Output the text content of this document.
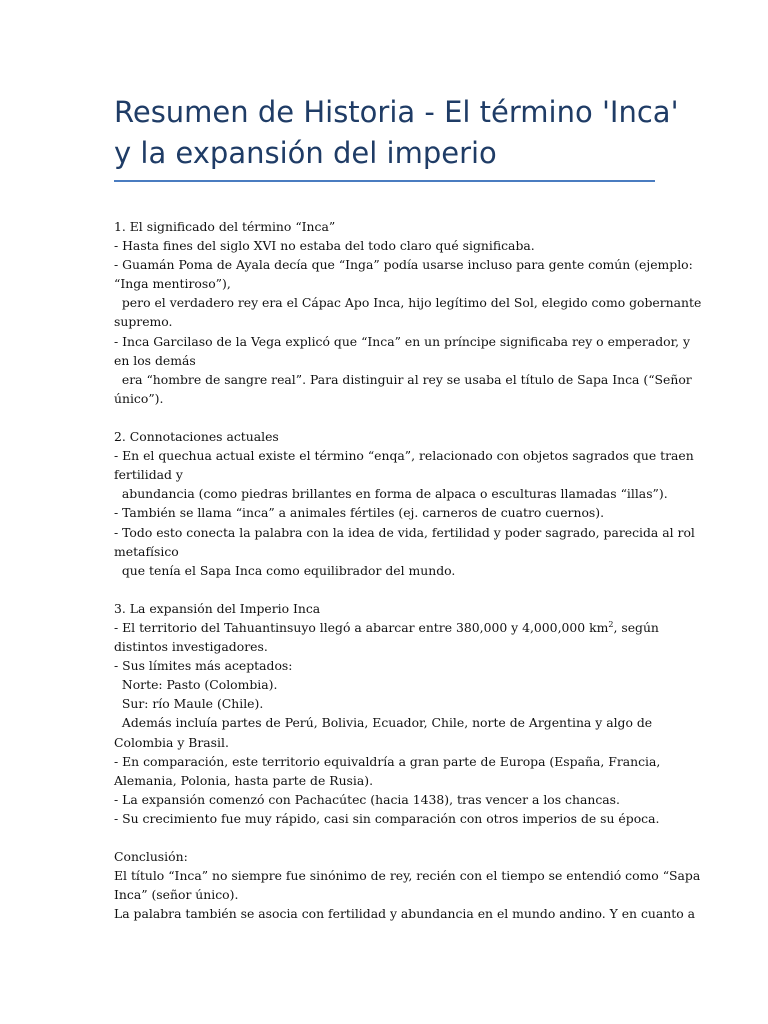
Resumen de Historia - El término 'Inca'
y la expansión del imperio
1. El significado del término “Inca”
- Hasta fines del siglo XVI no estaba del todo claro qué significaba.
- Guamán Poma de Ayala decía que “Inga” podía usarse incluso para gente común (ejemplo:
“Inga mentiroso”),
pero el verdadero rey era el Cápac Apo Inca, hijo legítimo del Sol, elegido como gobernante
supremo.
- Inca Garcilaso de la Vega explicó que “Inca” en un príncipe significaba rey o emperador, y
en los demás
era “hombre de sangre real”. Para distinguir al rey se usaba el título de Sapa Inca (“Señor
único”).
2. Connotaciones actuales
- En el quechua actual existe el término “enqa”, relacionado con objetos sagrados que traen
fertilidad y
abundancia (como piedras brillantes en forma de alpaca o esculturas llamadas “illas”).
- También se llama “inca” a animales fértiles (ej. carneros de cuatro cuernos).
- Todo esto conecta la palabra con la idea de vida, fertilidad y poder sagrado, parecida al rol
metafísico
que tenía el Sapa Inca como equilibrador del mundo.
3. La expansión del Imperio Inca
- El territorio del Tahuantinsuyo llegó a abarcar entre 380,000 y 4,000,000 $km^2$, según
distintos investigadores.
- Sus límites más aceptados:
Norte: Pasto (Colombia).
Sur: río Maule (Chile).
Además incluía partes de Perú, Bolivia, Ecuador, Chile, norte de Argentina y algo de
Colombia y Brasil.
- En comparación, este territorio equivaldría a gran parte de Europa (España, Francia,
Alemania, Polonia, hasta parte de Rusia).
- La expansión comenzó con Pachacútec (hacia 1438), tras vencer a los chancas.
- Su crecimiento fue muy rápido, casi sin comparación con otros imperios de su época.
Conclusión:
El título “Inca” no siempre fue sinónimo de rey, recién con el tiempo se entendió como “Sapa
Inca” (señor único).
La palabra también se asocia con fertilidad y abundancia en el mundo andino. Y en cuanto a
